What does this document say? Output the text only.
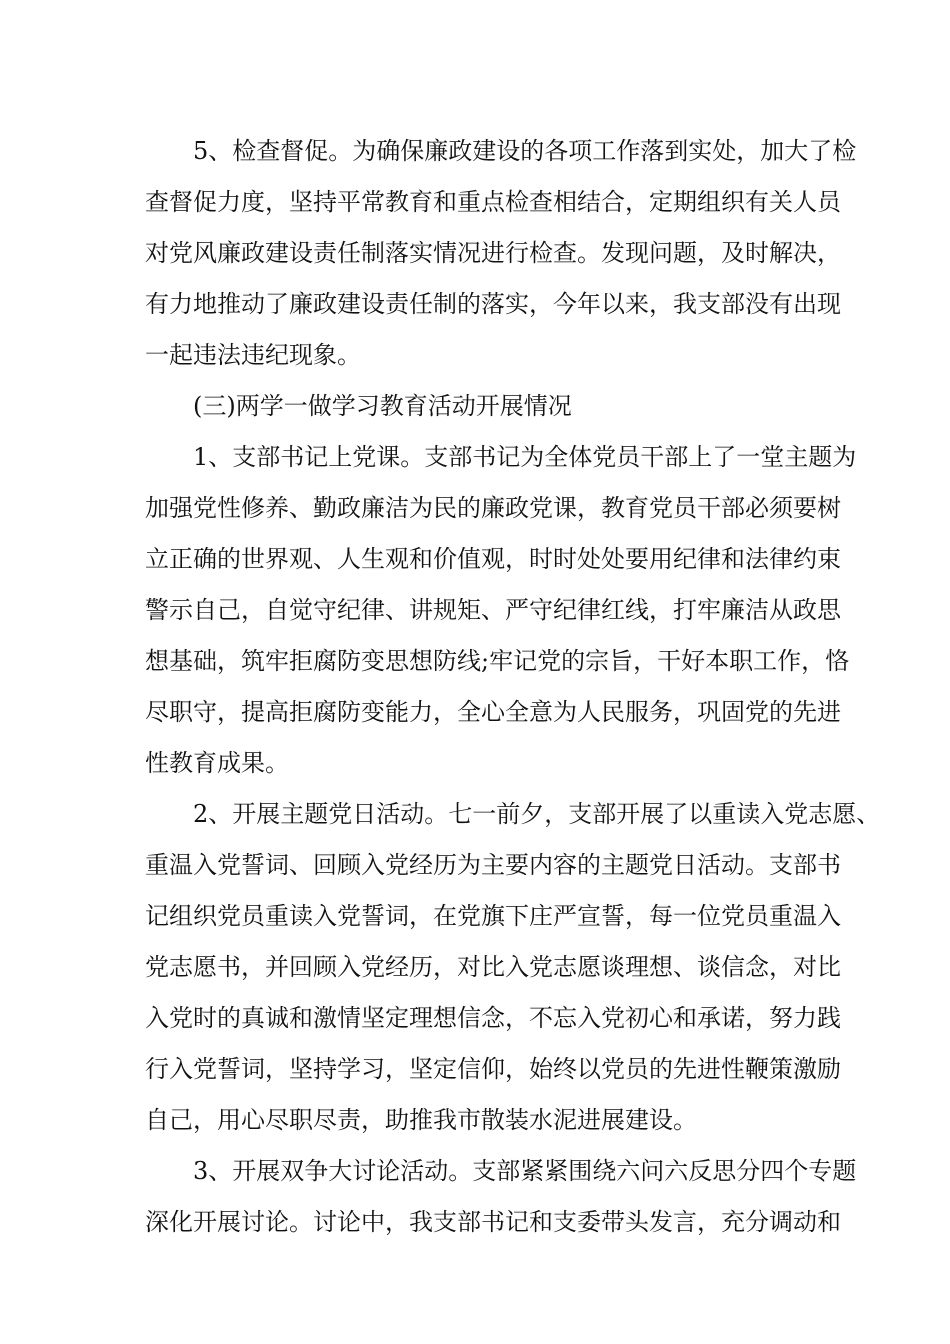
5、检查督促。为确保廉政建设的各项工作落到实处，加大了检
查督促力度，坚持平常教育和重点检查相结合，定期组织有关人员
对党风廉政建设责任制落实情况进行检查。发现问题，及时解决，
有力地推动了廉政建设责任制的落实，今年以来，我支部没有出现
一起违法违纪现象。
(三)两学一做学习教育活动开展情况
1、支部书记上党课。支部书记为全体党员干部上了一堂主题为
加强党性修养、勤政廉洁为民的廉政党课，教育党员干部必须要树
立正确的世界观、人生观和价值观，时时处处要用纪律和法律约束
警示自己，自觉守纪律、讲规矩、严守纪律红线，打牢廉洁从政思
想基础，筑牢拒腐防变思想防线;牢记党的宗旨，干好本职工作，恪
尽职守，提高拒腐防变能力，全心全意为人民服务，巩固党的先进
性教育成果。
2、开展主题党日活动。七一前夕，支部开展了以重读入党志愿、
重温入党誓词、回顾入党经历为主要内容的主题党日活动。支部书
记组织党员重读入党誓词，在党旗下庄严宣誓，每一位党员重温入
党志愿书，并回顾入党经历，对比入党志愿谈理想、谈信念，对比
入党时的真诚和激情坚定理想信念，不忘入党初心和承诺，努力践
行入党誓词，坚持学习，坚定信仰，始终以党员的先进性鞭策激励
自己，用心尽职尽责，助推我市散装水泥进展建设。
3、开展双争大讨论活动。支部紧紧围绕六问六反思分四个专题
深化开展讨论。讨论中，我支部书记和支委带头发言，充分调动和
